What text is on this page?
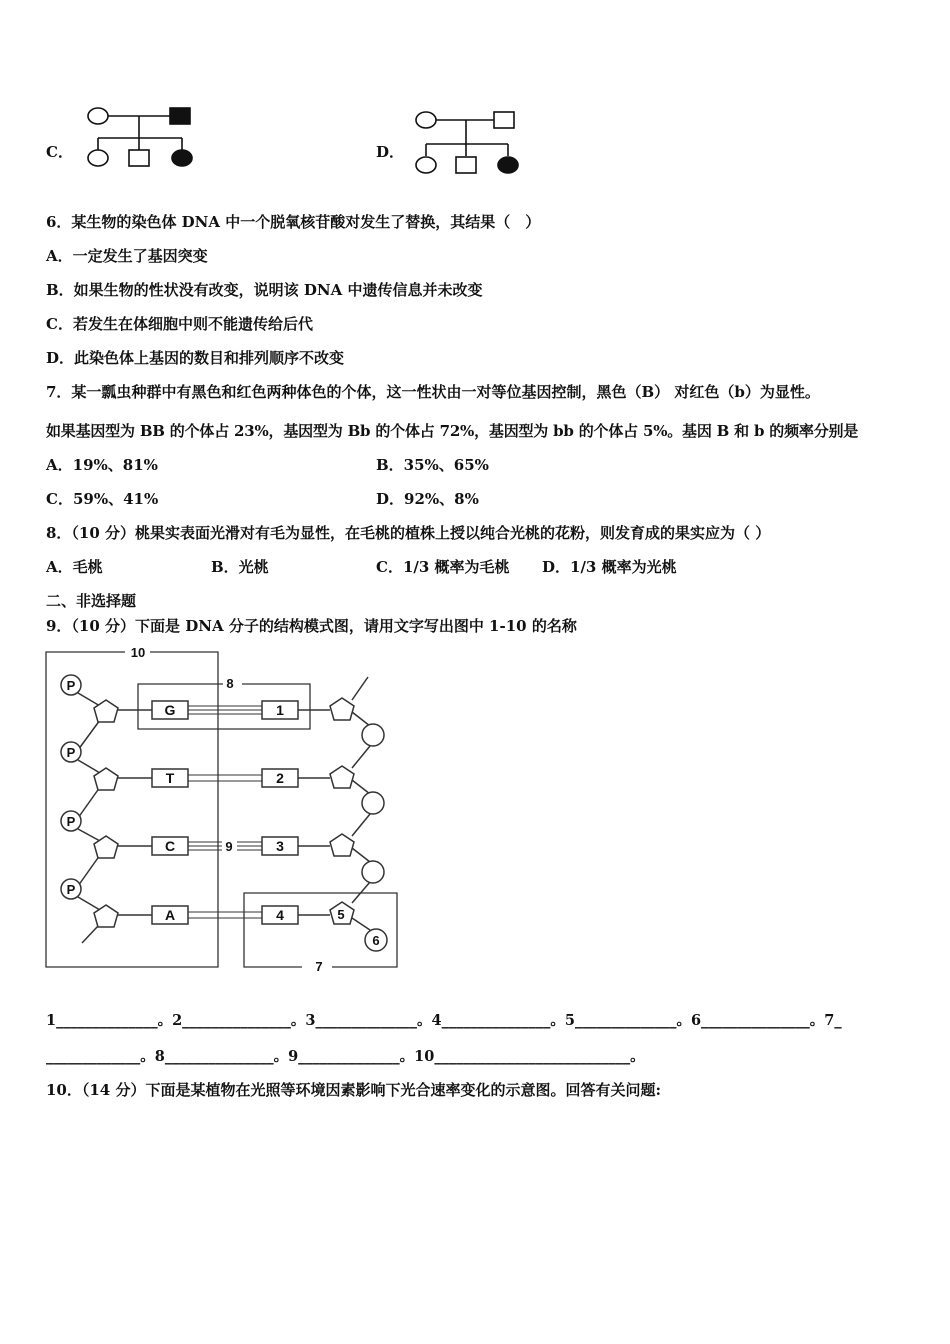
C．	D．
6．某生物的染色体 DNA 中一个脱氧核苷酸对发生了替换，其结果（　）
A．一定发生了基因突变
B．如果生物的性状没有改变，说明该 DNA 中遗传信息并未改变
C．若发生在体细胞中则不能遗传给后代
D．此染色体上基因的数目和排列顺序不改变
7．某一瓢虫种群中有黑色和红色两种体色的个体，这一性状由一对等位基因控制，黑色（B） 对红色（b）为显性。
如果基因型为 BB 的个体占 23%，基因型为 Bb 的个体占 72%，基因型为 bb 的个体占 5%。基因 B 和 b 的频率分别是
A．19%、81%	B．35%、65%
C．59%、41%	D．92%、8%
8．（10 分）桃果实表面光滑对有毛为显性，在毛桃的植株上授以纯合光桃的花粉，则发育成的果实应为（ ）
A．毛桃	B．光桃	C．1/3 概率为毛桃 D．1/3 概率为光桃
二、非选择题
9．（10 分）下面是 DNA 分子的结构模式图，请用文字写出图中 1-10 的名称
10
8
7
P
P
P
P
G
T
C
A
9
1
2
3
4	5
6
1______________。2_______________。3______________。4_______________。5______________。6_______________。7_
_____________。8_______________。9______________。10___________________________。
10．（14 分）下面是某植物在光照等环境因素影响下光合速率变化的示意图。回答有关问题:
